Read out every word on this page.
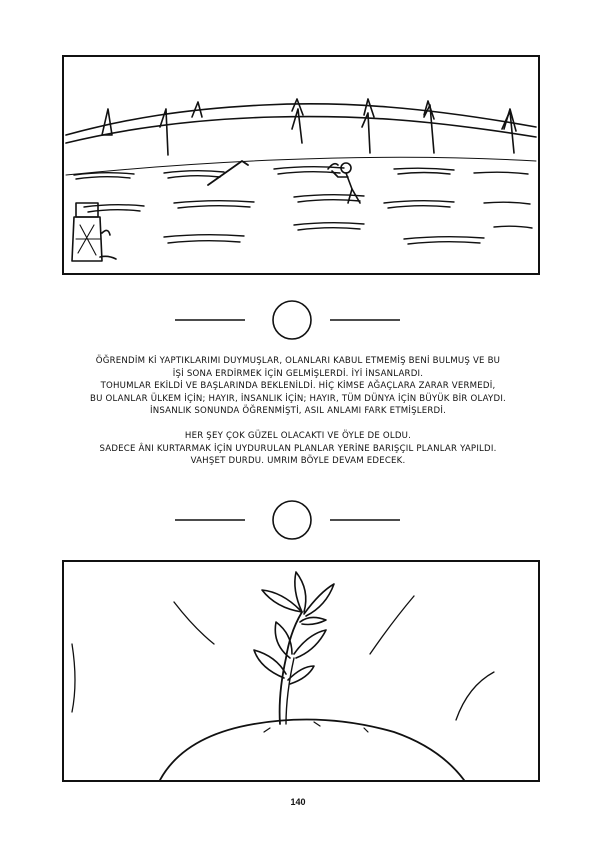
ÖĞRENDİM Kİ YAPTIKLARIMI DUYMUŞLAR, OLANLARI KABUL ETMEMİŞ BENİ BULMUŞ VE BU
İŞİ SONA ERDİRMEK İÇİN GELMİŞLERDİ. İYİ İNSANLARDI.
TOHUMLAR EKİLDİ VE BAŞLARINDA BEKLENİLDİ. HİÇ KİMSE AĞAÇLARA ZARAR VERMEDİ,
BU OLANLAR ÜLKEM İÇİN; HAYIR, İNSANLIK İÇİN; HAYIR, TÜM DÜNYA İÇİN BÜYÜK BİR OLAYDI.
İNSANLIK SONUNDA ÖĞRENMİŞTİ, ASIL ANLAMI FARK ETMİŞLERDİ.
HER ŞEY ÇOK GÜZEL OLACAKTI VE ÖYLE DE OLDU.
SADECE ÂNI KURTARMAK İÇİN UYDURULAN PLANLAR YERİNE BARIŞÇIL PLANLAR YAPILDI.
VAHŞET DURDU. UMRIM BÖYLE DEVAM EDECEK.
140
